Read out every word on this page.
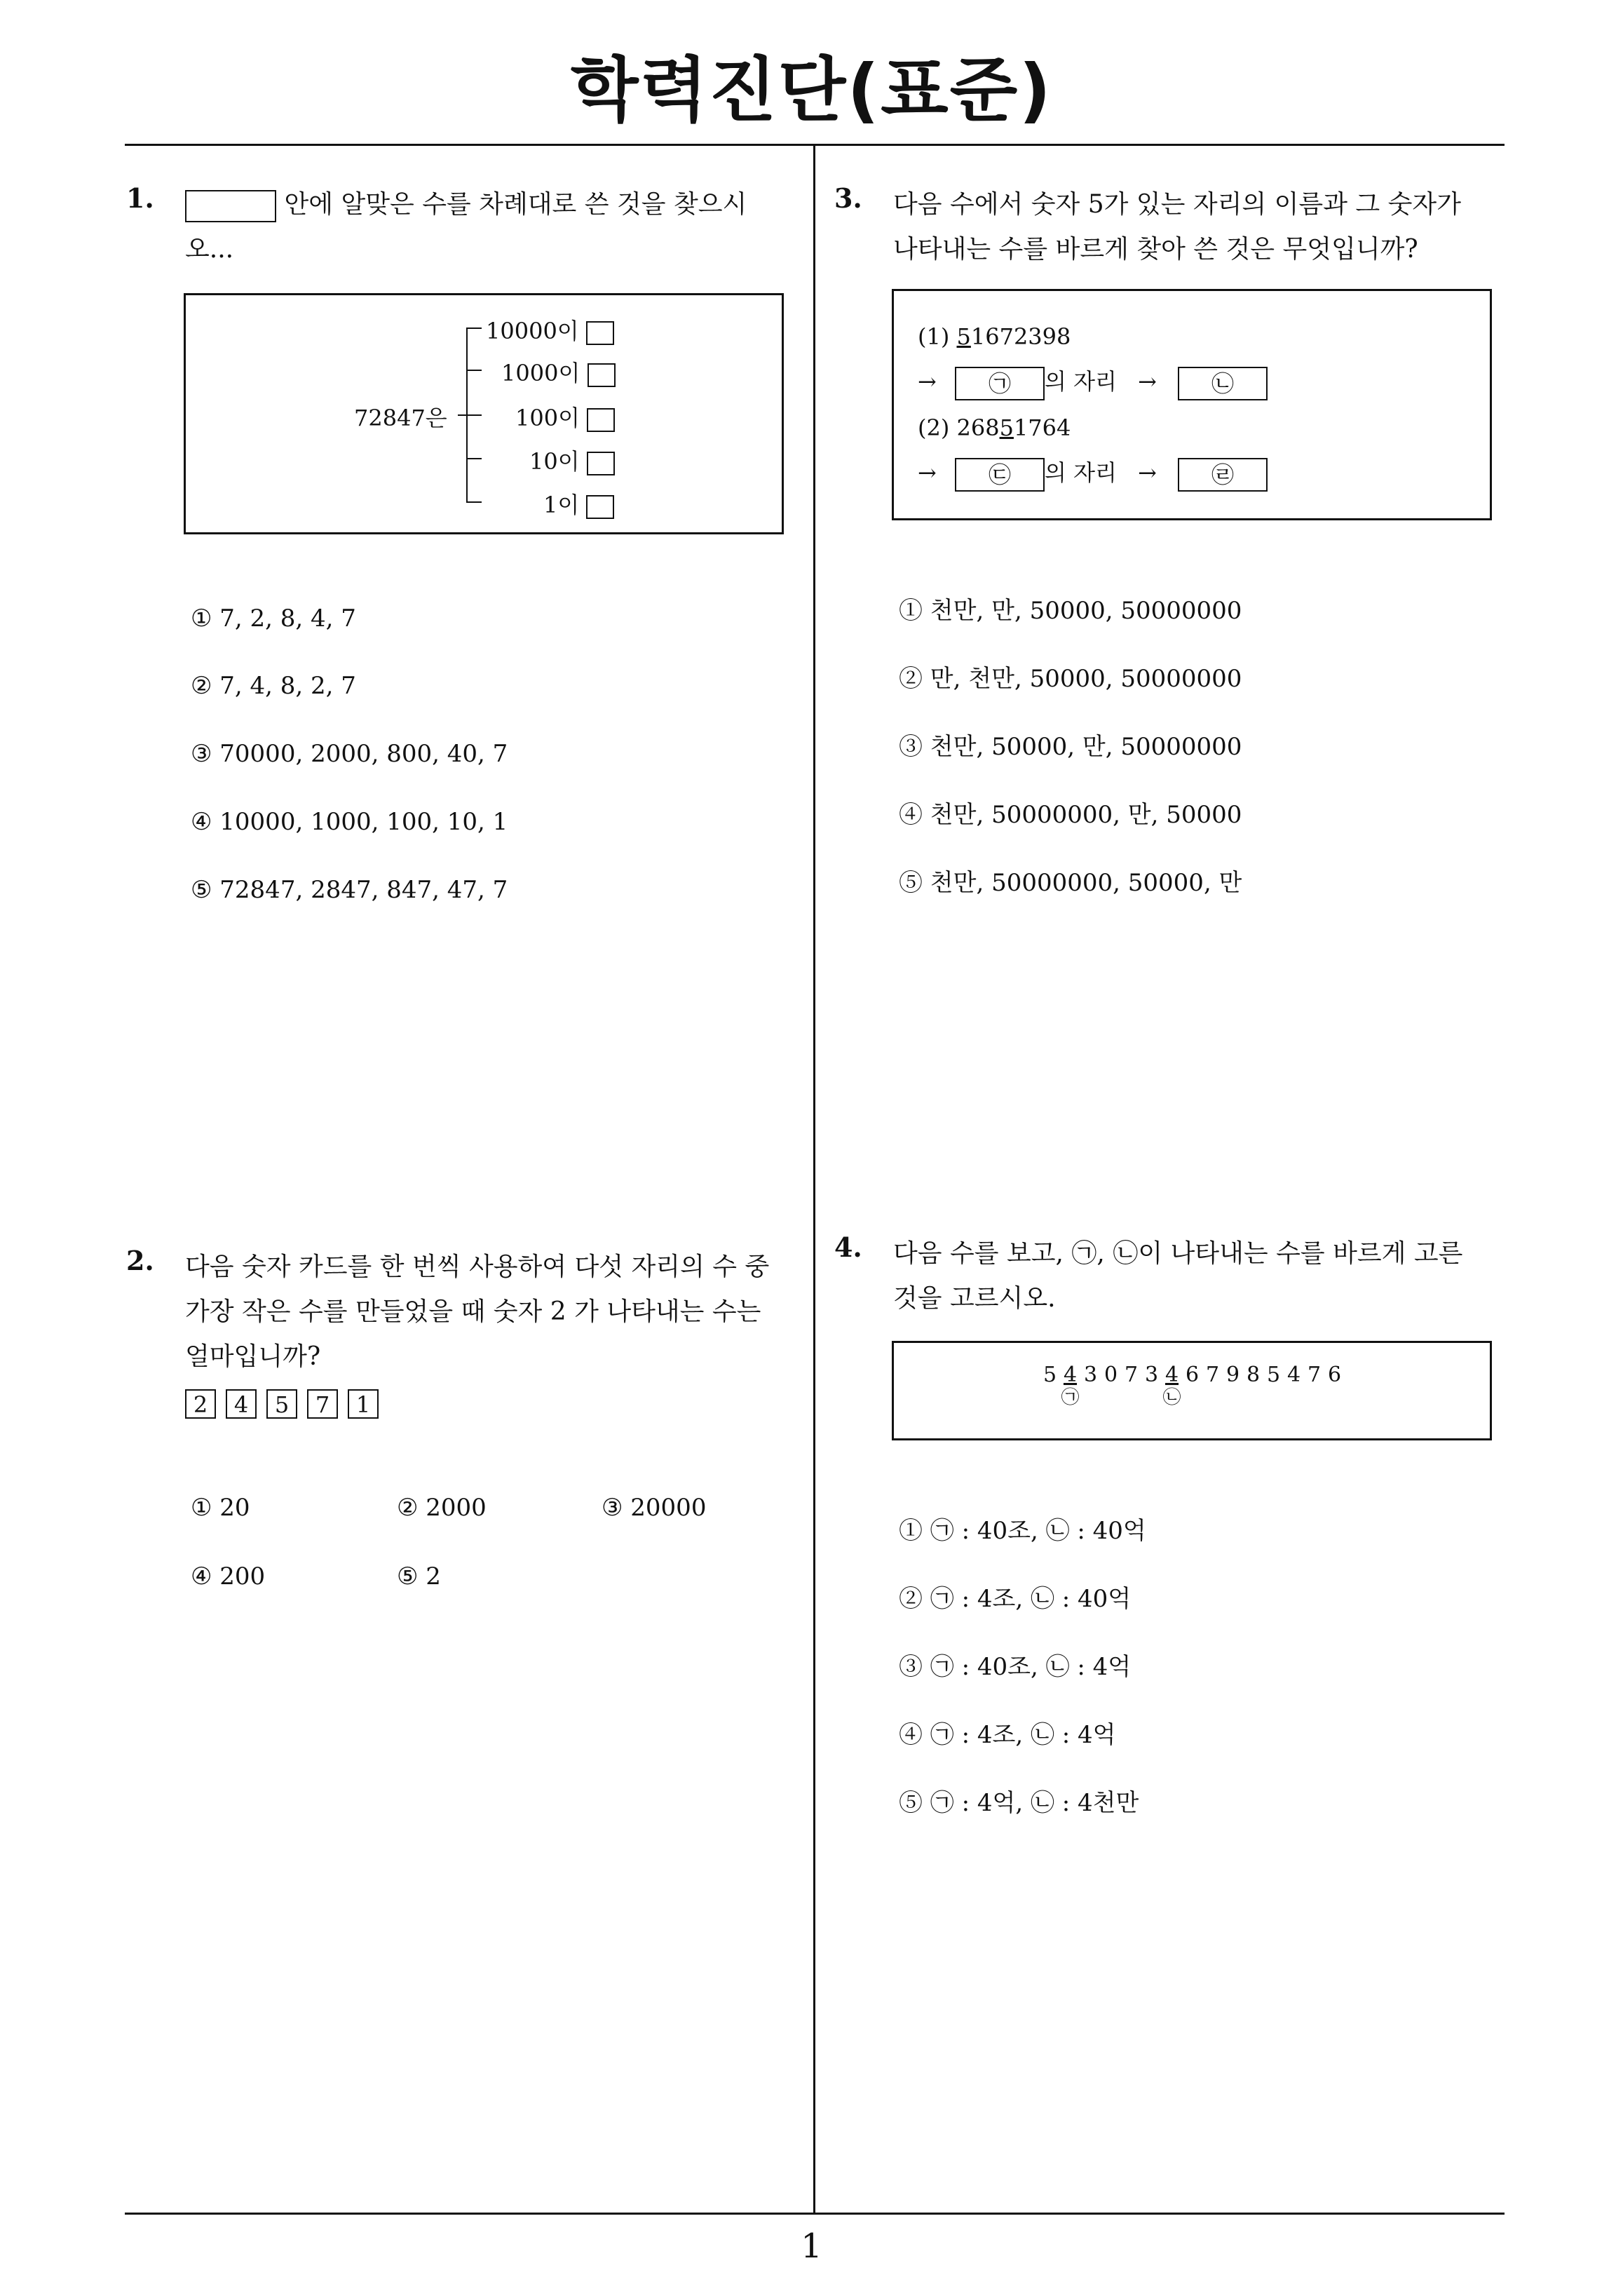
학력진단(표준)
1
1.	안에 알맞은 수를 차례대로 쓴 것을 찾으시
오...
72847은
10000이
1000이
100이
10이
1이
① 7, 2, 8, 4, 7
② 7, 4, 8, 2, 7
③ 70000, 2000, 800, 40, 7
④ 10000, 1000, 100, 10, 1
⑤ 72847, 2847, 847, 47, 7
2. 다음 숫자 카드를 한 번씩 사용하여 다섯 자리의 수 중
가장 작은 수를 만들었을 때 숫자 2 가 나타내는 수는
얼마입니까?
2 4 5 7 1
① 20	② 2000	③ 20000
④ 200	⑤ 2
3. 다음 수에서 숫자 5가 있는 자리의 이름과 그 숫자가
나타내는 수를 바르게 찾아 쓴 것은 무엇입니까?
(1) 51672398
→ ㉠ 의 자리 → ㉡
(2) 26851764
→ ㉢ 의 자리 → ㉣
① 천만, 만, 50000, 50000000
② 만, 천만, 50000, 50000000
③ 천만, 50000, 만, 50000000
④ 천만, 50000000, 만, 50000
⑤ 천만, 50000000, 50000, 만
4. 다음 수를 보고, ㉠, ㉡이 나타내는 수를 바르게 고른
것을 고르시오.
5 4
㉠
3 0 7 3 4
㉡
6 7 9 8 5 4 7 6
① ㉠ : 40조, ㉡ : 40억
② ㉠ : 4조, ㉡ : 40억
③ ㉠ : 40조, ㉡ : 4억
④ ㉠ : 4조, ㉡ : 4억
⑤ ㉠ : 4억, ㉡ : 4천만
